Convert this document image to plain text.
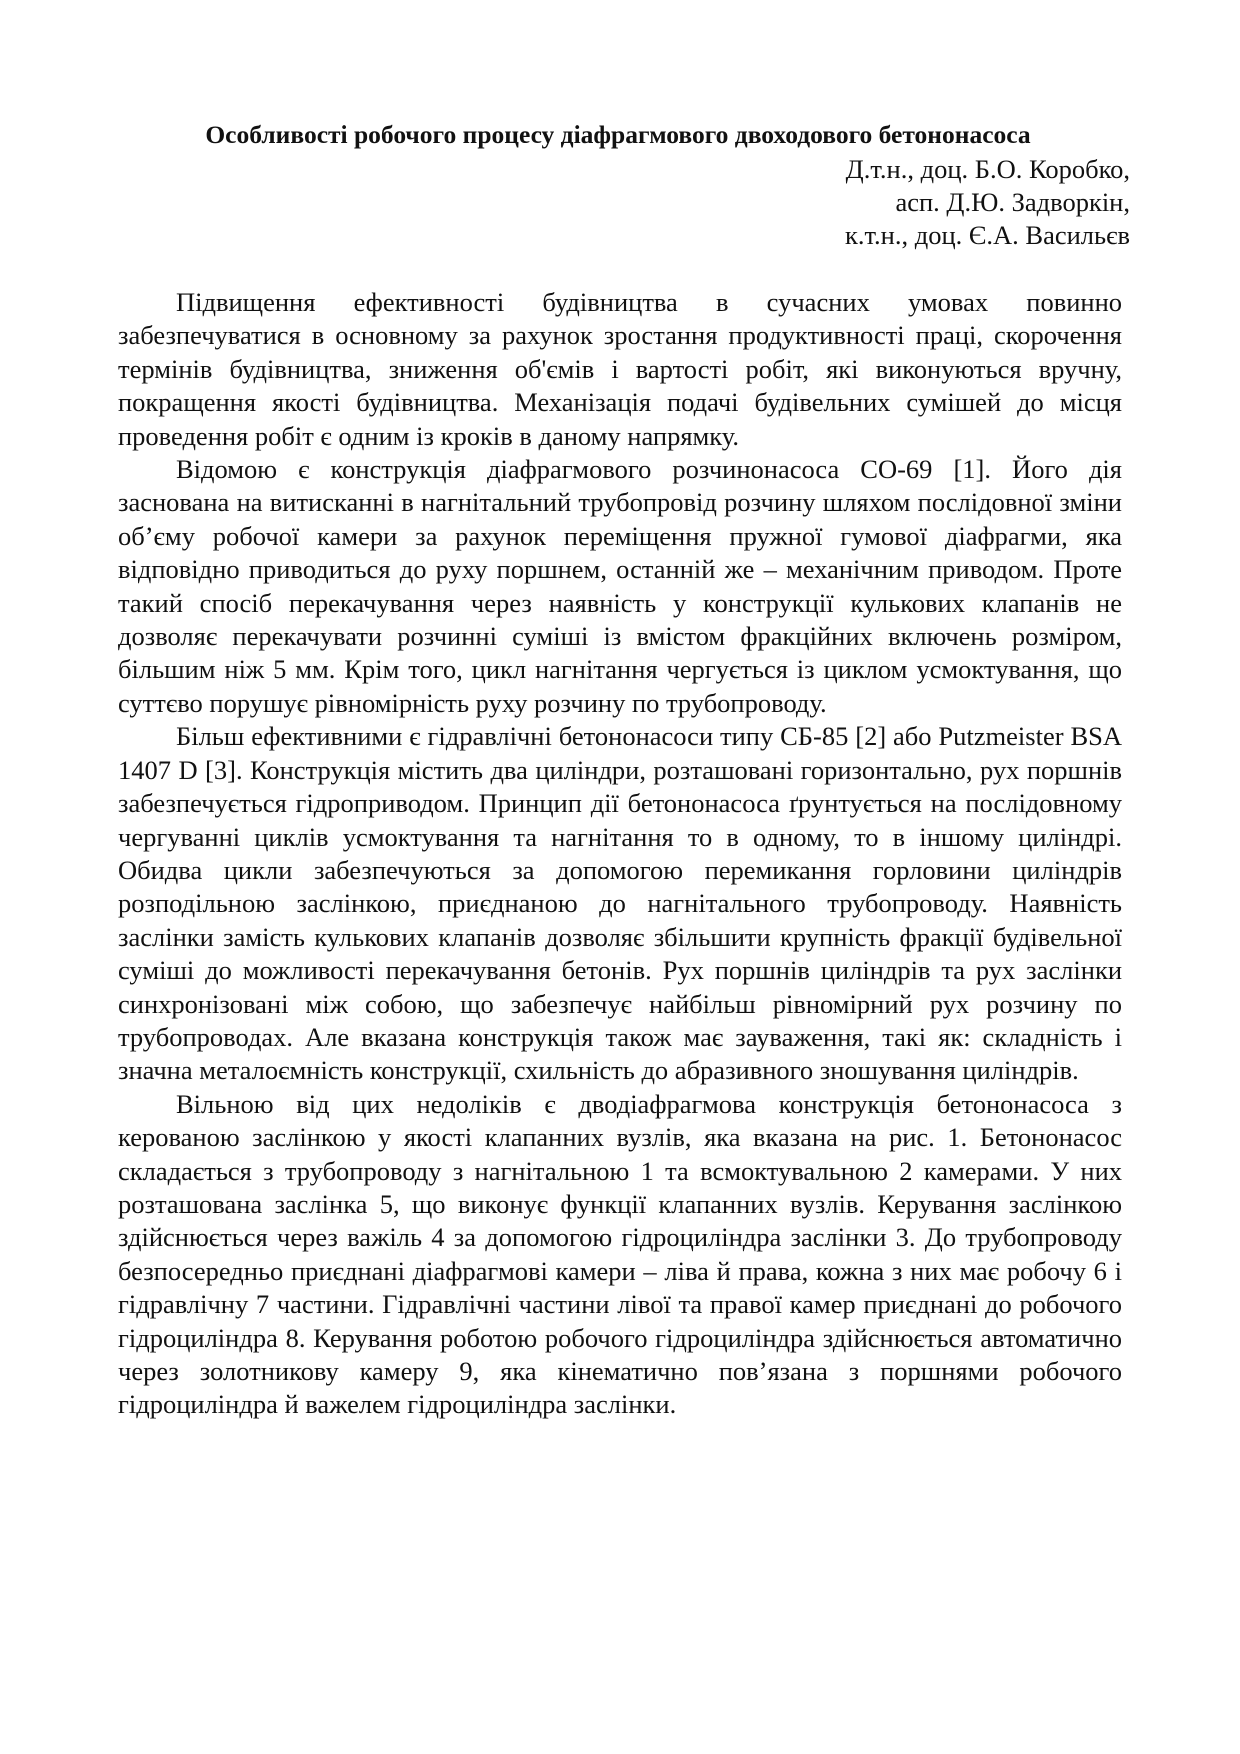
Особливості робочого процесу діафрагмового двоходового бетононасоса
Д.т.н., доц. Б.О. Коробко,
асп. Д.Ю. Задворкін,
к.т.н., доц. Є.А. Васильєв

Підвищення ефективності будівництва в сучасних умовах повинно забезпечуватися в основному за рахунок зростання продуктивності праці, скорочення термінів будівництва, зниження об'ємів і вартості робіт, які виконуються вручну, покращення якості будівництва. Механізація подачі будівельних сумішей до місця проведення робіт є одним із кроків в даному напрямку.

Відомою є конструкція діафрагмового розчинонасоса СО-69 [1]. Його дія заснована на витисканні в нагнітальний трубопровід розчину шляхом послідовної зміни об’єму робочої камери за рахунок переміщення пружної гумової діафрагми, яка відповідно приводиться до руху поршнем, останній же – механічним приводом. Проте такий спосіб перекачування через наявність у конструкції кулькових клапанів не дозволяє перекачувати розчинні суміші із вмістом фракційних включень розміром, більшим ніж 5 мм. Крім того, цикл нагнітання чергується із циклом усмоктування, що суттєво порушує рівномірність руху розчину по трубопроводу.

Більш ефективними є гідравлічні бетононасоси типу СБ-85 [2] або Putzmeister BSA 1407 D [3]. Конструкція містить два циліндри, розташовані горизонтально, рух поршнів забезпечується гідроприводом. Принцип дії бетононасоса ґрунтується на послідовному чергуванні циклів усмоктування та нагнітання то в одному, то в іншому циліндрі. Обидва цикли забезпечуються за допомогою перемикання горловини циліндрів розподільною заслінкою, приєднаною до нагнітального трубопроводу. Наявність заслінки замість кулькових клапанів дозволяє збільшити крупність фракції будівельної суміші до можливості перекачування бетонів. Рух поршнів циліндрів та рух заслінки синхронізовані між собою, що забезпечує найбільш рівномірний рух розчину по трубопроводах. Але вказана конструкція також має зауваження, такі як: складність і значна металоємність конструкції, схильність до абразивного зношування циліндрів.

Вільною від цих недоліків є дводіафрагмова конструкція бетононасоса з керованою заслінкою у якості клапанних вузлів, яка вказана на рис. 1. Бетононасос складається з трубопроводу з нагнітальною 1 та всмоктувальною 2 камерами. У них розташована заслінка 5, що виконує функції клапанних вузлів. Керування заслінкою здійснюється через важіль 4 за допомогою гідроциліндра заслінки 3. До трубопроводу безпосередньо приєднані діафрагмові камери – ліва й права, кожна з них має робочу 6 і гідравлічну 7 частини. Гідравлічні частини лівої та правої камер приєднані до робочого гідроциліндра 8. Керування роботою робочого гідроциліндра здійснюється автоматично через золотникову камеру 9, яка кінематично пов’язана з поршнями робочого гідроциліндра й важелем гідроциліндра заслінки.
